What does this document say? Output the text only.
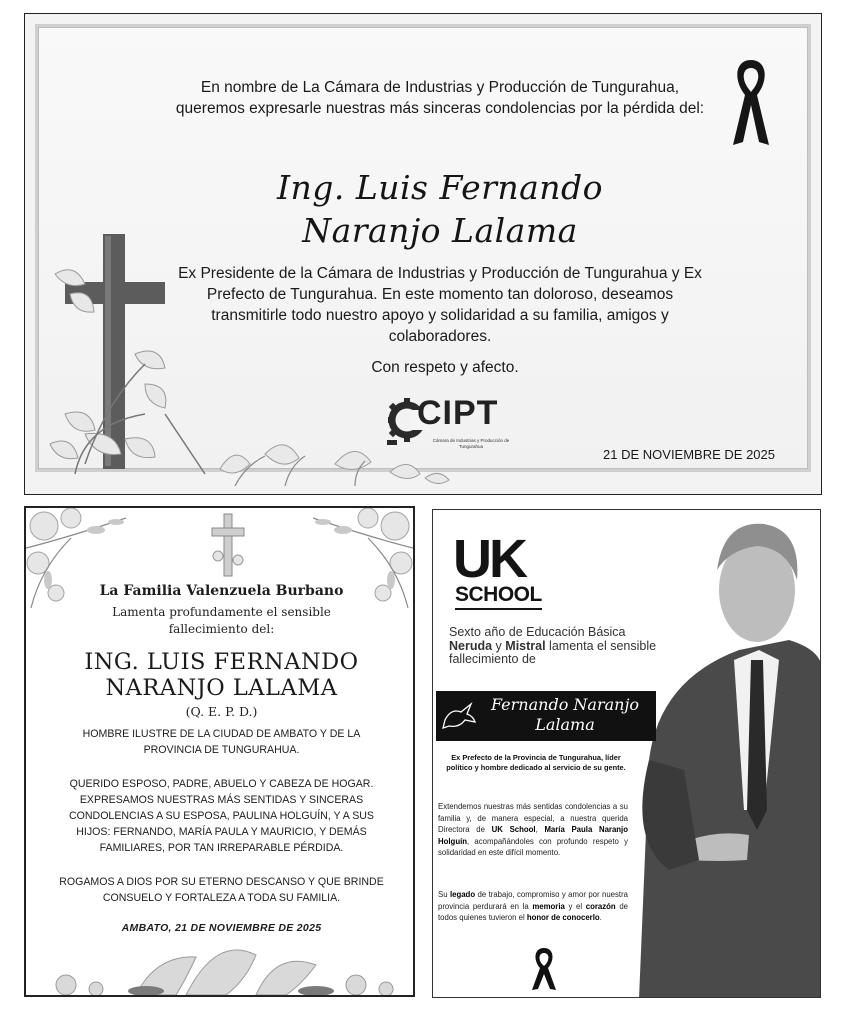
En nombre de La Cámara de Industrias y Producción de Tungurahua, queremos expresarle nuestras más sinceras condolencias por la pérdida del:
Ing. Luis Fernando
Naranjo Lalama
Ex Presidente de la Cámara de Industrias y Producción de Tungurahua y Ex Prefecto de Tungurahua. En este momento tan doloroso, deseamos transmitirle todo nuestro apoyo y solidaridad a su familia, amigos y colaboradores.
Con respeto y afecto.
CIPT
Cámara de Industrias y Producción de Tungurahua
21 DE NOVIEMBRE DE 2025
La Familia Valenzuela Burbano
Lamenta profundamente el sensible fallecimiento del:
ING. LUIS FERNANDO
NARANJO LALAMA
(Q. E. P. D.)
HOMBRE ILUSTRE DE LA CIUDAD DE AMBATO Y DE LA PROVINCIA DE TUNGURAHUA.
QUERIDO ESPOSO, PADRE, ABUELO Y CABEZA DE HOGAR. EXPRESAMOS NUESTRAS MÁS SENTIDAS Y SINCERAS CONDOLENCIAS A SU ESPOSA, PAULINA HOLGUÍN, Y A SUS HIJOS: FERNANDO, MARÍA PAULA Y MAURICIO, Y DEMÁS FAMILIARES, POR TAN IRREPARABLE PÉRDIDA.
ROGAMOS A DIOS POR SU ETERNO DESCANSO Y QUE BRINDE CONSUELO Y FORTALEZA A TODA SU FAMILIA.
AMBATO, 21 DE NOVIEMBRE DE 2025
UK
SCHOOL
Sexto año de Educación Básica Neruda y Mistral lamenta el sensible fallecimiento de
Fernando Naranjo
Lalama
Ex Prefecto de la Provincia de Tungurahua, líder político y hombre dedicado al servicio de su gente.
Extendemos nuestras más sentidas condolencias a su familia y, de manera especial, a nuestra querida Directora de UK School, María Paula Naranjo Holguín, acompañándoles con profundo respeto y solidaridad en este difícil momento.
Su legado de trabajo, compromiso y amor por nuestra provincia perdurará en la memoria y el corazón de todos quienes tuvieron el honor de conocerlo.
